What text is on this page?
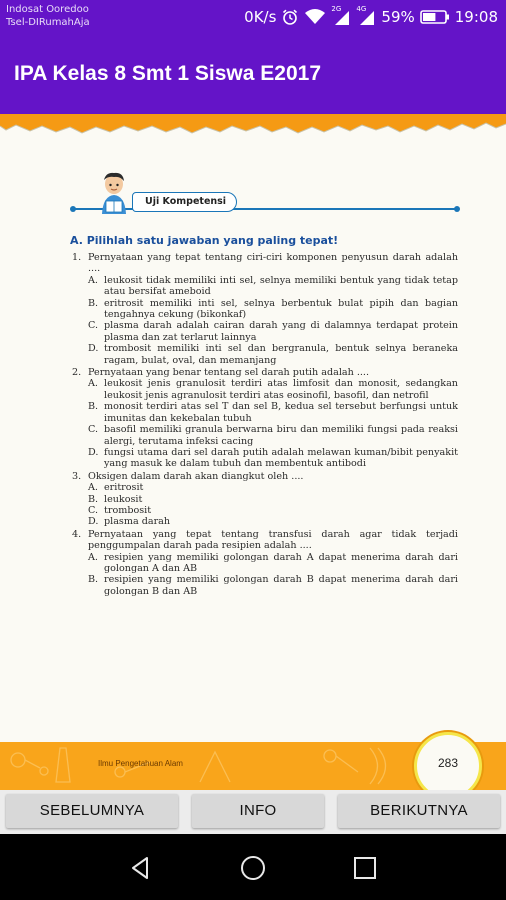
Indosat Ooredoo
Tsel-DIRumahAja	0K/s	2G 4G 59%	19:08
IPA Kelas 8 Smt 1 Siswa E2017
Uji Kompetensi
A. Pilihlah satu jawaban yang paling tepat!
1. Pernyataan yang tepat tentang ciri-ciri komponen penyusun darah adalah ....
A. leukosit tidak memiliki inti sel, selnya memiliki bentuk yang tidak tetap atau bersifat ameboid
B. eritrosit memiliki inti sel, selnya berbentuk bulat pipih dan bagian tengahnya cekung (bikonkaf)
C. plasma darah adalah cairan darah yang di dalamnya terdapat protein plasma dan zat terlarut lainnya
D. trombosit memiliki inti sel dan bergranula, bentuk selnya beraneka ragam, bulat, oval, dan memanjang
2. Pernyataan yang benar tentang sel darah putih adalah ....
A. leukosit jenis granulosit terdiri atas limfosit dan monosit, sedangkan leukosit jenis agranulosit terdiri atas eosinofil, basofil, dan netrofil
B. monosit terdiri atas sel T dan sel B, kedua sel tersebut berfungsi untuk imunitas dan kekebalan tubuh
C. basofil memiliki granula berwarna biru dan memiliki fungsi pada reaksi alergi, terutama infeksi cacing
D. fungsi utama dari sel darah putih adalah melawan kuman/bibit penyakit yang masuk ke dalam tubuh dan membentuk antibodi
3. Oksigen dalam darah akan diangkut oleh ....
A. eritrosit
B. leukosit
C. trombosit
D. plasma darah
4. Pernyataan yang tepat tentang transfusi darah agar tidak terjadi penggumpalan darah pada resipien adalah ....
A. resipien yang memiliki golongan darah A dapat menerima darah dari golongan A dan AB
B. resipien yang memiliki golongan darah B dapat menerima darah dari golongan B dan AB
Ilmu Pengetahuan Alam	283
SEBELUMNYA	INFO	BERIKUTNYA
